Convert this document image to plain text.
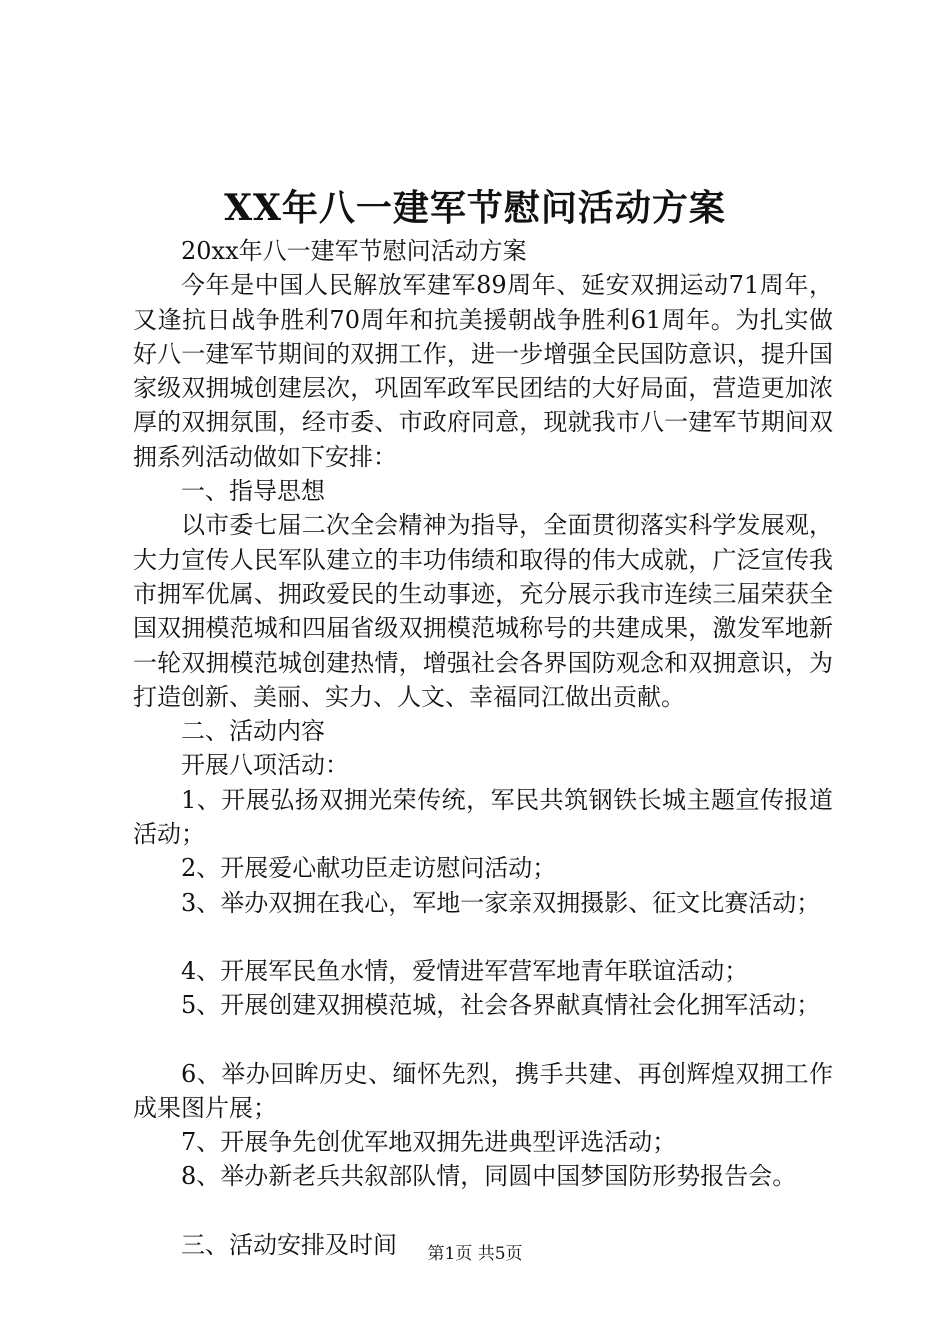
XX年八一建军节慰问活动方案

20xx年八一建军节慰问活动方案

今年是中国人民解放军建军89周年、延安双拥运动71周年，又逢抗日战争胜利70周年和抗美援朝战争胜利61周年。为扎实做好八一建军节期间的双拥工作，进一步增强全民国防意识，提升国家级双拥城创建层次，巩固军政军民团结的大好局面，营造更加浓厚的双拥氛围，经市委、市政府同意，现就我市八一建军节期间双拥系列活动做如下安排：

一、指导思想

以市委七届二次全会精神为指导，全面贯彻落实科学发展观，大力宣传人民军队建立的丰功伟绩和取得的伟大成就，广泛宣传我市拥军优属、拥政爱民的生动事迹，充分展示我市连续三届荣获全国双拥模范城和四届省级双拥模范城称号的共建成果，激发军地新一轮双拥模范城创建热情，增强社会各界国防观念和双拥意识，为打造创新、美丽、实力、人文、幸福同江做出贡献。

二、活动内容

开展八项活动：

1、开展弘扬双拥光荣传统，军民共筑钢铁长城主题宣传报道活动；

2、开展爱心献功臣走访慰问活动；

3、举办双拥在我心，军地一家亲双拥摄影、征文比赛活动；

4、开展军民鱼水情，爱情进军营军地青年联谊活动；

5、开展创建双拥模范城，社会各界献真情社会化拥军活动；

6、举办回眸历史、缅怀先烈，携手共建、再创辉煌双拥工作成果图片展；

7、开展争先创优军地双拥先进典型评选活动；

8、举办新老兵共叙部队情，同圆中国梦国防形势报告会。

三、活动安排及时间	第1页 共5页
